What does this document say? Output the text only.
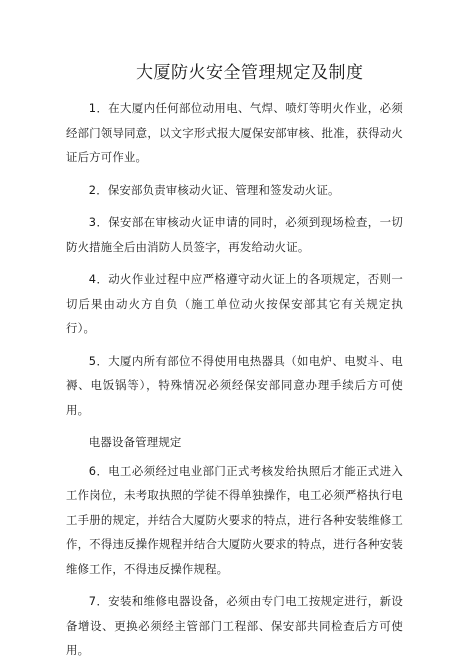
大厦防火安全管理规定及制度

1．在大厦内任何部位动用电、气焊、喷灯等明火作业，必须经部门领导同意，以文字形式报大厦保安部审核、批准，获得动火证后方可作业。

2．保安部负责审核动火证、管理和签发动火证。

3．保安部在审核动火证申请的同时，必须到现场检查，一切防火措施全后由消防人员签字，再发给动火证。

4．动火作业过程中应严格遵守动火证上的各项规定，否则一切后果由动火方自负（施工单位动火按保安部其它有关规定执行）。

5．大厦内所有部位不得使用电热器具（如电炉、电熨斗、电褥、电饭锅等），特殊情况必须经保安部同意办理手续后方可使用。

电器设备管理规定

6．电工必须经过电业部门正式考核发给执照后才能正式进入工作岗位，未考取执照的学徒不得单独操作，电工必须严格执行电工手册的规定，并结合大厦防火要求的特点，进行各种安装维修工作，不得违反操作规程并结合大厦防火要求的特点，进行各种安装维修工作，不得违反操作规程。

7．安装和维修电器设备，必须由专门电工按规定进行，新设备增设、更换必须经主管部门工程部、保安部共同检查后方可使用。
